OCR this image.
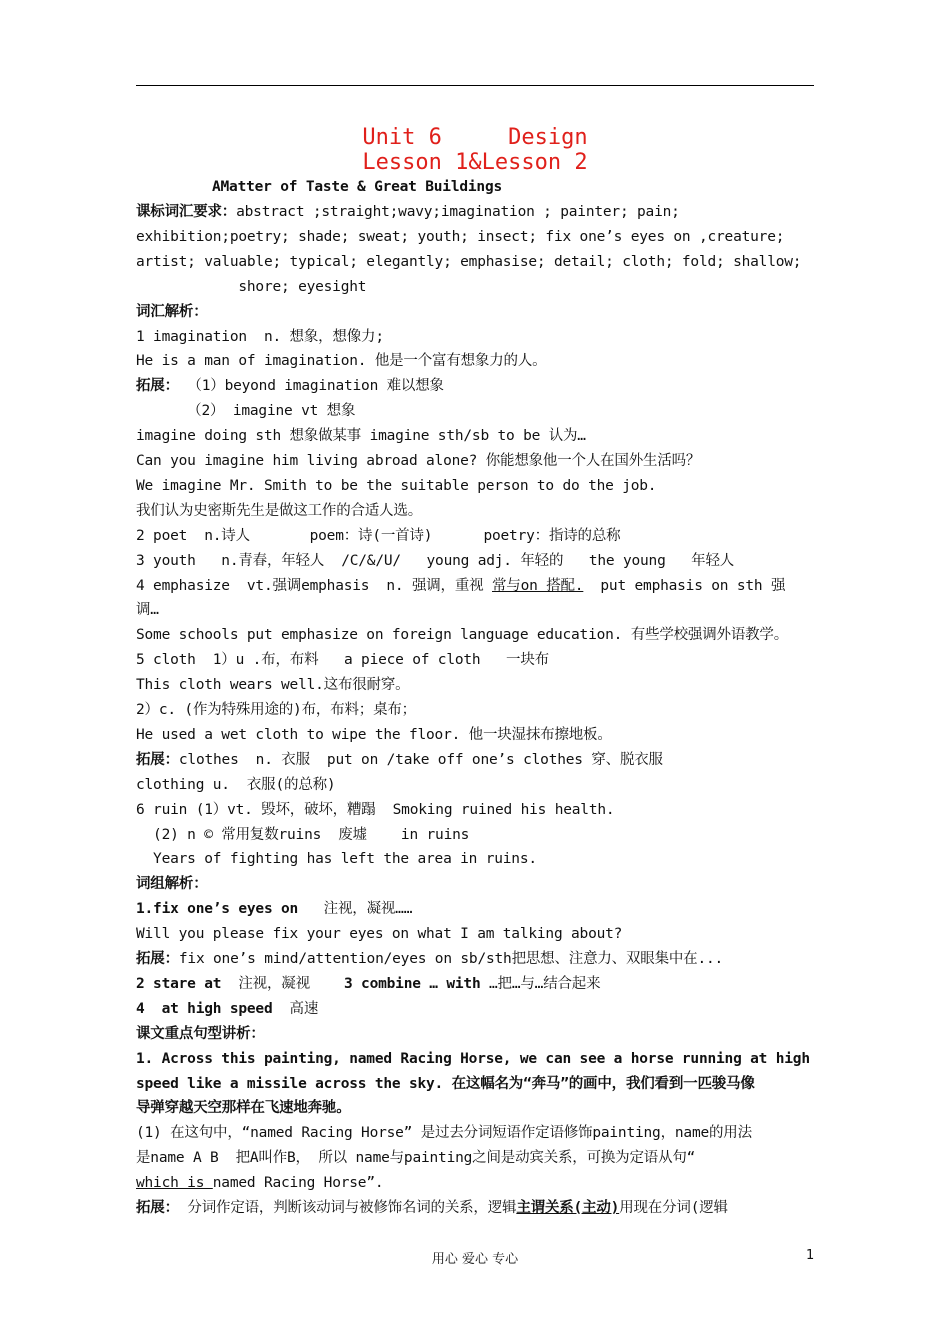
Unit 6     Design
Lesson 1&Lesson 2
AMatter of Taste & Great Buildings
课标词汇要求：abstract ;straight;wavy;imagination ; painter; pain;
exhibition;poetry; shade; sweat; youth; insect; fix one’s eyes on ,creature;
artist; valuable; typical; elegantly; emphasise; detail; cloth; fold; shallow;
shore; eyesight
词汇解析：
1 imagination  n. 想象，想像力;
He is a man of imagination. 他是一个富有想象力的人。
拓展： （1）beyond imagination 难以想象
（2） imagine vt 想象
imagine doing sth 想象做某事 imagine sth/sb to be 认为…
Can you imagine him living abroad alone? 你能想象他一个人在国外生活吗？
We imagine Mr. Smith to be the suitable person to do the job.
我们认为史密斯先生是做这工作的合适人选。
2 poet  n.诗人       poem：诗(一首诗)      poetry：指诗的总称
3 youth   n.青春，年轻人  /C/&/U/   young adj. 年轻的   the young   年轻人
4 emphasize  vt.强调emphasis  n. 强调，重视 常与on 搭配.  put emphasis on sth 强
调…
Some schools put emphasize on foreign language education. 有些学校强调外语教学。
5 cloth  1）u .布，布料   a piece of cloth   一块布
This cloth wears well.这布很耐穿。
2）c. (作为特殊用途的)布，布料；桌布；
He used a wet cloth to wipe the floor. 他一块湿抹布擦地板。
拓展：clothes  n. 衣服  put on /take off one’s clothes 穿、脱衣服
clothing u.  衣服(的总称)
6 ruin (1）vt. 毁坏，破坏，糟蹋  Smoking ruined his health.
(2) n © 常用复数ruins  废墟    in ruins
Years of fighting has left the area in ruins.
词组解析：
1.fix one’s eyes on   注视，凝视……
Will you please fix your eyes on what I am talking about?
拓展：fix one’s mind/attention/eyes on sb/sth把思想、注意力、双眼集中在...
2 stare at  注视，凝视    3 combine … with …把…与…结合起来
4  at high speed  高速
课文重点句型讲析：
1. Across this painting, named Racing Horse, we can see a horse running at high
speed like a missile across the sky. 在这幅名为“奔马”的画中，我们看到一匹骏马像
导弹穿越天空那样在飞速地奔驰。
(1) 在这句中，“named Racing Horse” 是过去分词短语作定语修饰painting，name的用法
是name A B  把A叫作B， 所以 name与painting之间是动宾关系，可换为定语从句“
which is named Racing Horse”.
拓展： 分词作定语，判断该动词与被修饰名词的关系，逻辑主谓关系(主动)用现在分词(逻辑
用心 爱心 专心	1
